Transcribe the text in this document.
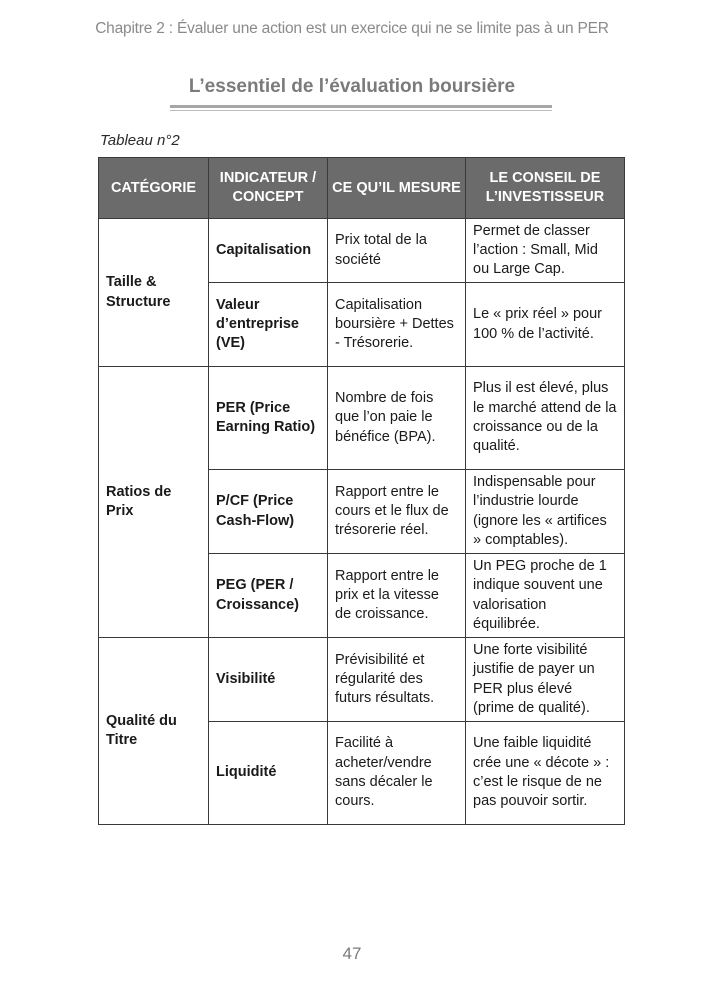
Chapitre 2 : Évaluer une action est un exercice qui ne se limite pas à un PER
L’essentiel de l’évaluation boursière
Tableau n°2
CATÉGORIE	INDICATEUR / CONCEPT	CE QU’IL MESURE	LE CONSEIL DE L’INVESTISSEUR
Taille & Structure	Capitalisation	Prix total de la société	Permet de classer l’action : Small, Mid ou Large Cap.
	Valeur d’entreprise (VE)	Capitalisation boursière + Dettes - Trésorerie.	Le « prix réel » pour 100 % de l’activité.
Ratios de Prix	PER (Price Earning Ratio)	Nombre de fois que l’on paie le bénéfice (BPA).	Plus il est élevé, plus le marché attend de la croissance ou de la qualité.
	P/CF (Price Cash-Flow)	Rapport entre le cours et le flux de trésorerie réel.	Indispensable pour l’industrie lourde (ignore les « artifices » comptables).
	PEG (PER / Croissance)	Rapport entre le prix et la vitesse de croissance.	Un PEG proche de 1 indique souvent une valorisation équilibrée.
Qualité du Titre	Visibilité	Prévisibilité et régularité des futurs résultats.	Une forte visibilité justifie de payer un PER plus élevé (prime de qualité).
	Liquidité	Facilité à acheter/vendre sans décaler le cours.	Une faible liquidité crée une « décote » : c’est le risque de ne pas pouvoir sortir.
47
